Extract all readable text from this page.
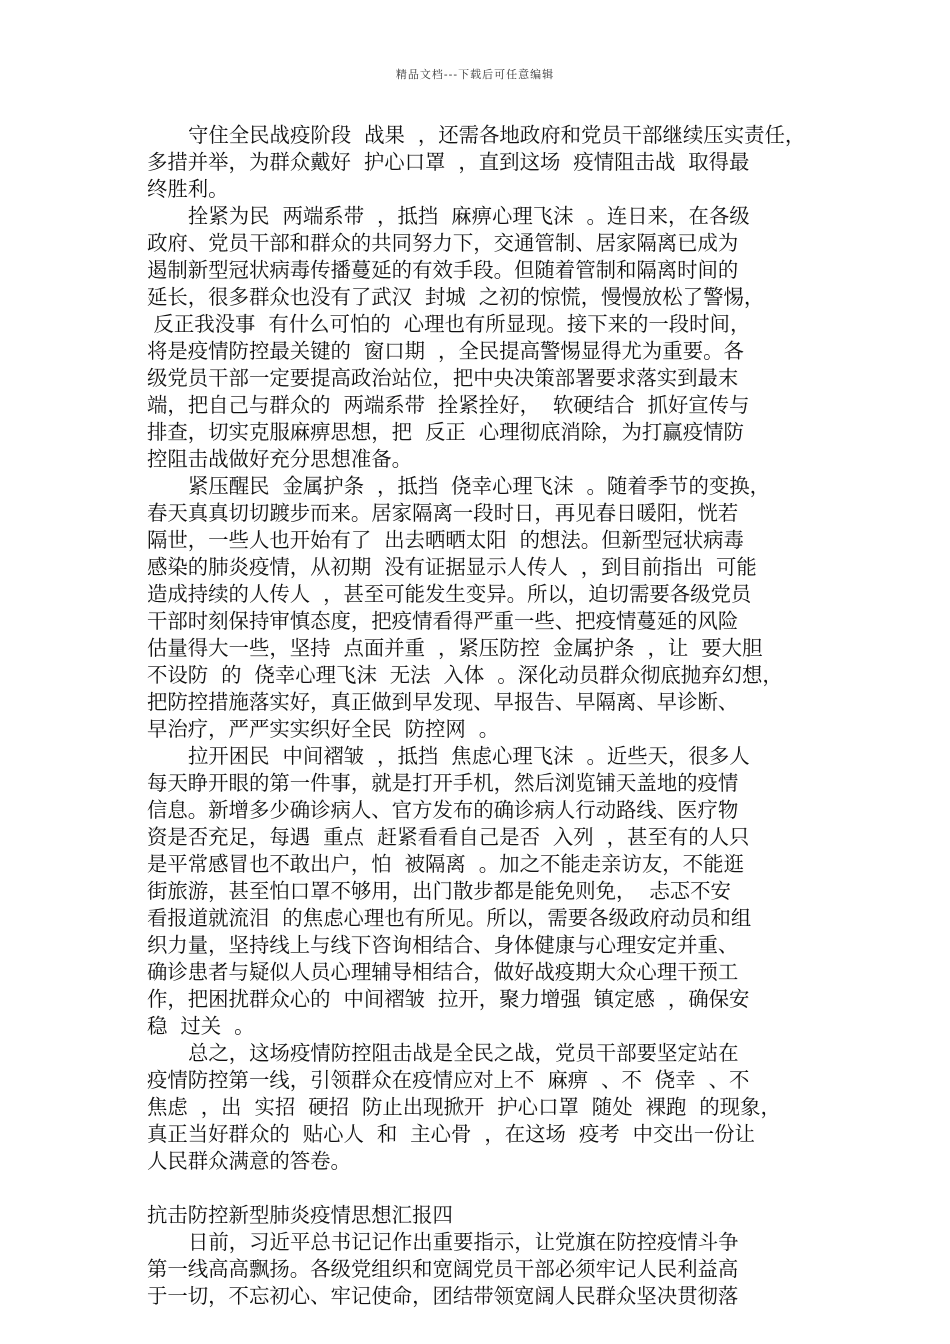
精品文档---下载后可任意编辑
守住全民战疫阶段  战果  ，还需各地政府和党员干部继续压实责任，
多措并举，为群众戴好  护心口罩  ，直到这场  疫情阻击战  取得最
终胜利。
拴紧为民  两端系带  ，抵挡  麻痹心理飞沫  。连日来，在各级
政府、党员干部和群众的共同努力下，交通管制、居家隔离已成为
遏制新型冠状病毒传播蔓延的有效手段。但随着管制和隔离时间的
延长，很多群众也没有了武汉  封城  之初的惊慌，慢慢放松了警惕，
反正我没事  有什么可怕的  心理也有所显现。接下来的一段时间，
将是疫情防控最关键的  窗口期  ，全民提高警惕显得尤为重要。各
级党员干部一定要提高政治站位，把中央决策部署要求落实到最末
端，把自己与群众的  两端系带  拴紧拴好，  软硬结合  抓好宣传与
排查，切实克服麻痹思想，把  反正  心理彻底消除，为打赢疫情防
控阻击战做好充分思想准备。
紧压醒民  金属护条  ，抵挡  侥幸心理飞沫  。随着季节的变换，
春天真真切切踱步而来。居家隔离一段时日，再见春日暖阳，恍若
隔世，一些人也开始有了  出去晒晒太阳  的想法。但新型冠状病毒
感染的肺炎疫情，从初期  没有证据显示人传人  ，到目前指出  可能
造成持续的人传人  ，甚至可能发生变异。所以，迫切需要各级党员
干部时刻保持审慎态度，把疫情看得严重一些、把疫情蔓延的风险
估量得大一些，坚持  点面并重  ，紧压防控  金属护条  ，让  要大胆
不设防  的  侥幸心理飞沫  无法  入体  。深化动员群众彻底抛弃幻想，
把防控措施落实好，真正做到早发现、早报告、早隔离、早诊断、
早治疗，严严实实织好全民  防控网  。
拉开困民  中间褶皱  ，抵挡  焦虑心理飞沫  。近些天，很多人
每天睁开眼的第一件事，就是打开手机，然后浏览铺天盖地的疫情
信息。新增多少确诊病人、官方发布的确诊病人行动路线、医疗物
资是否充足，每遇  重点  赶紧看看自己是否  入列  ，甚至有的人只
是平常感冒也不敢出户，怕  被隔离  。加之不能走亲访友，不能逛
街旅游，甚至怕口罩不够用，出门散步都是能免则免，  忐忑不安
看报道就流泪  的焦虑心理也有所见。所以，需要各级政府动员和组
织力量，坚持线上与线下咨询相结合、身体健康与心理安定并重、
确诊患者与疑似人员心理辅导相结合，做好战疫期大众心理干预工
作，把困扰群众心的  中间褶皱  拉开，聚力增强  镇定感  ，确保安
稳  过关  。
总之，这场疫情防控阻击战是全民之战，党员干部要坚定站在
疫情防控第一线，引领群众在疫情应对上不  麻痹  、不  侥幸  、不
焦虑  ，出  实招  硬招  防止出现掀开  护心口罩  随处  裸跑  的现象，
真正当好群众的  贴心人  和  主心骨  ，在这场  疫考  中交出一份让
人民群众满意的答卷。
抗击防控新型肺炎疫情思想汇报四
日前，习近平总书记记作出重要指示，让党旗在防控疫情斗争
第一线高高飘扬。各级党组织和宽阔党员干部必须牢记人民利益高
于一切，不忘初心、牢记使命，团结带领宽阔人民群众坚决贯彻落
